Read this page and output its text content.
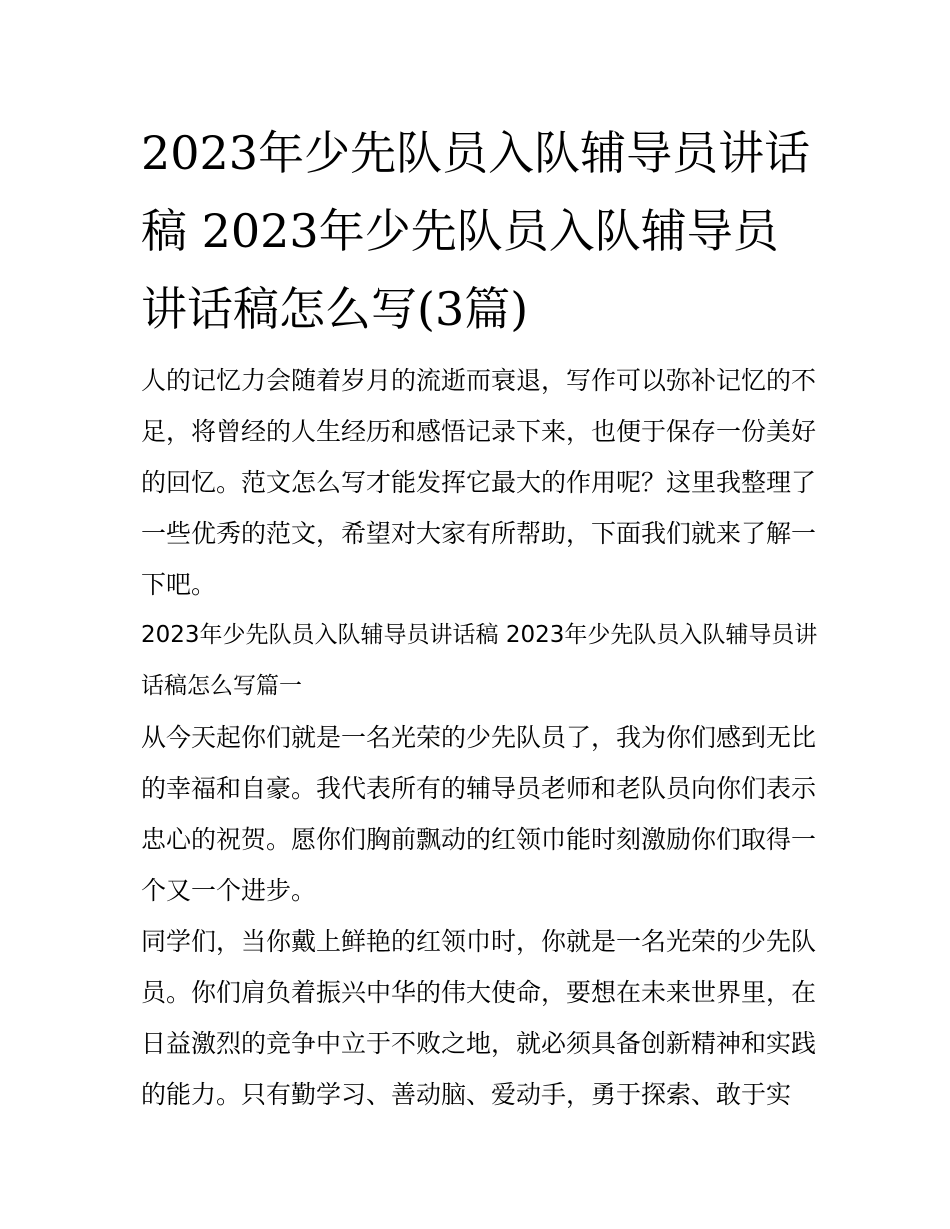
2023年少先队员入队辅导员讲话稿 2023年少先队员入队辅导员讲话稿怎么写(3篇)

人的记忆力会随着岁月的流逝而衰退，写作可以弥补记忆的不足，将曾经的人生经历和感悟记录下来，也便于保存一份美好的回忆。范文怎么写才能发挥它最大的作用呢？这里我整理了一些优秀的范文，希望对大家有所帮助，下面我们就来了解一下吧。

2023年少先队员入队辅导员讲话稿 2023年少先队员入队辅导员讲话稿怎么写篇一

从今天起你们就是一名光荣的少先队员了，我为你们感到无比的幸福和自豪。我代表所有的辅导员老师和老队员向你们表示忠心的祝贺。愿你们胸前飘动的红领巾能时刻激励你们取得一个又一个进步。

同学们，当你戴上鲜艳的红领巾时，你就是一名光荣的少先队员。你们肩负着振兴中华的伟大使命，要想在未来世界里，在日益激烈的竞争中立于不败之地，就必须具备创新精神和实践的能力。只有勤学习、善动脑、爱动手，勇于探索、敢于实
